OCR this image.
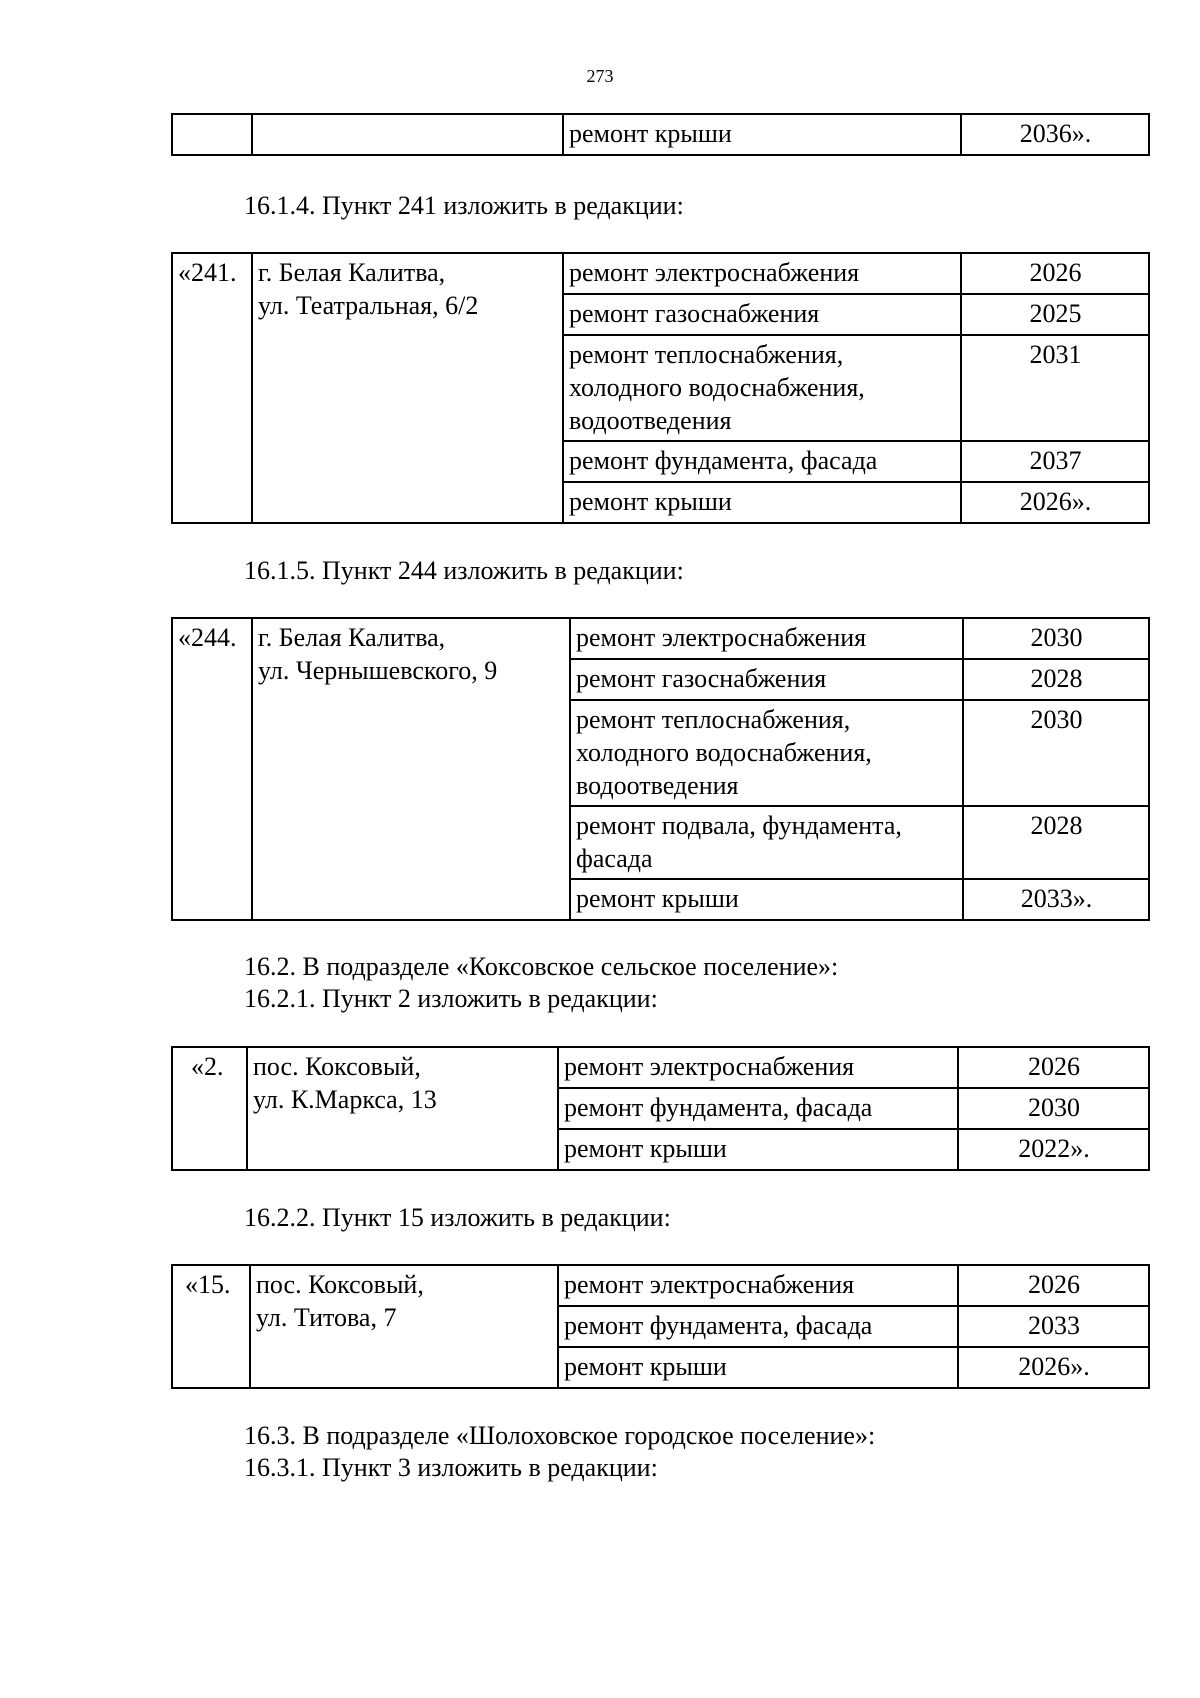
273
		ремонт крыши	2036».
16.1.4. Пункт 241 изложить в редакции:
«241.	г. Белая Калитва,
ул. Театральная, 6/2	ремонт электроснабжения	2026

		ремонт газоснабжения	2025

		ремонт теплоснабжения,
холодного водоснабжения,
водоотведения	2031

		ремонт фундамента, фасада	2037

		ремонт крыши	2026».
16.1.5. Пункт 244 изложить в редакции:
«244.	г. Белая Калитва,
ул. Чернышевского, 9	ремонт электроснабжения	2030

		ремонт газоснабжения	2028

		ремонт теплоснабжения,
холодного водоснабжения,
водоотведения	2030

		ремонт подвала, фундамента,
фасада	2028

		ремонт крыши	2033».
16.2. В подразделе «Коксовское сельское поселение»:
16.2.1. Пункт 2 изложить в редакции:
«2.	пос. Коксовый,
ул. К.Маркса, 13	ремонт электроснабжения	2026

		ремонт фундамента, фасада	2030

		ремонт крыши	2022».
16.2.2. Пункт 15 изложить в редакции:
«15.	пос. Коксовый,
ул. Титова, 7	ремонт электроснабжения	2026

		ремонт фундамента, фасада	2033

		ремонт крыши	2026».
16.3. В подразделе «Шолоховское городское поселение»:
16.3.1. Пункт 3 изложить в редакции:
